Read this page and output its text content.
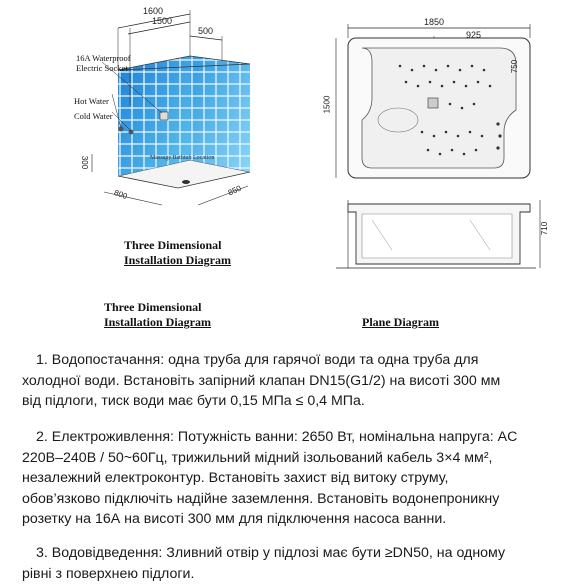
1600
1500
500
16A Waterproof
Electric Socket
Hot Water
Cold Water
300
850
800
Massage Bathtub Location
Three Dimensional
Installation Diagram
1850
925
750
1500
710
Three Dimensional
Installation Diagram	Plane Diagram
1. Водопостачання: одна труба для гарячої води та одна труба для
холодної води. Встановіть запірний клапан DN15(G1/2) на висоті 300 мм
від підлоги, тиск води має бути 0,15 МПа ≤ 0,4 МПа.
2. Електроживлення: Потужність ванни: 2650 Вт, номінальна напруга: AC
220В–240В / 50~60Гц, трижильний мідний ізольований кабель 3×4 мм²,
незалежний електроконтур. Встановіть захист від витоку струму,
обов’язково підключіть надійне заземлення. Встановіть водонепроникну
розетку на 16А на висоті 300 мм для підключення насоса ванни.
3. Водовідведення: Зливний отвір у підлозі має бути ≥DN50, на одному
рівні з поверхнею підлоги.
